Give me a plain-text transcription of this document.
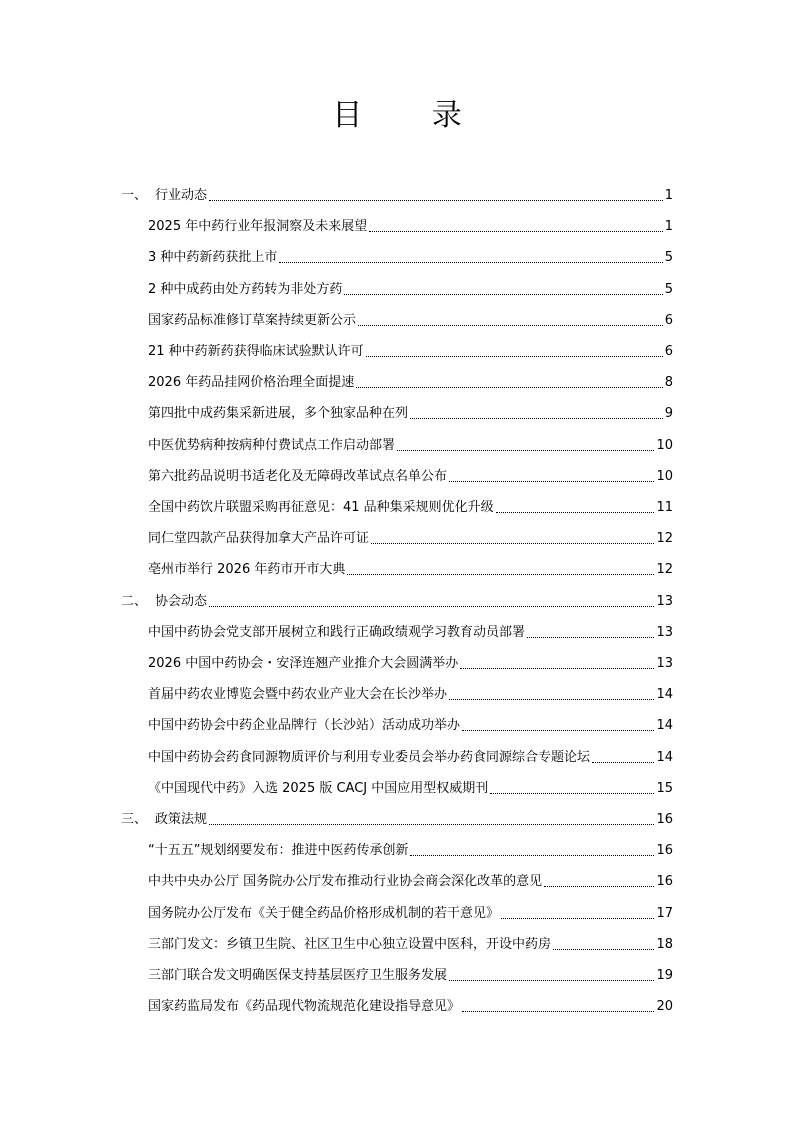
目 录
一、 行业动态	1
2025 年中药行业年报洞察及未来展望	1
3 种中药新药获批上市	5
2 种中成药由处方药转为非处方药	5
国家药品标准修订草案持续更新公示	6
21 种中药新药获得临床试验默认许可	6
2026 年药品挂网价格治理全面提速	8
第四批中成药集采新进展，多个独家品种在列	9
中医优势病种按病种付费试点工作启动部署	10
第六批药品说明书适老化及无障碍改革试点名单公布	10
全国中药饮片联盟采购再征意见：41 品种集采规则优化升级	11
同仁堂四款产品获得加拿大产品许可证	12
亳州市举行 2026 年药市开市大典	12
二、 协会动态	13
中国中药协会党支部开展树立和践行正确政绩观学习教育动员部署	13
2026 中国中药协会・安泽连翘产业推介大会圆满举办	13
首届中药农业博览会暨中药农业产业大会在长沙举办	14
中国中药协会中药企业品牌行（长沙站）活动成功举办	14
中国中药协会药食同源物质评价与利用专业委员会举办药食同源综合专题论坛	14
《中国现代中药》入选 2025 版 CACJ 中国应用型权威期刊	15
三、 政策法规	16
“十五五”规划纲要发布：推进中医药传承创新	16
中共中央办公厅 国务院办公厅发布推动行业协会商会深化改革的意见	16
国务院办公厅发布《关于健全药品价格形成机制的若干意见》	17
三部门发文：乡镇卫生院、社区卫生中心独立设置中医科，开设中药房	18
三部门联合发文明确医保支持基层医疗卫生服务发展	19
国家药监局发布《药品现代物流规范化建设指导意见》	20
